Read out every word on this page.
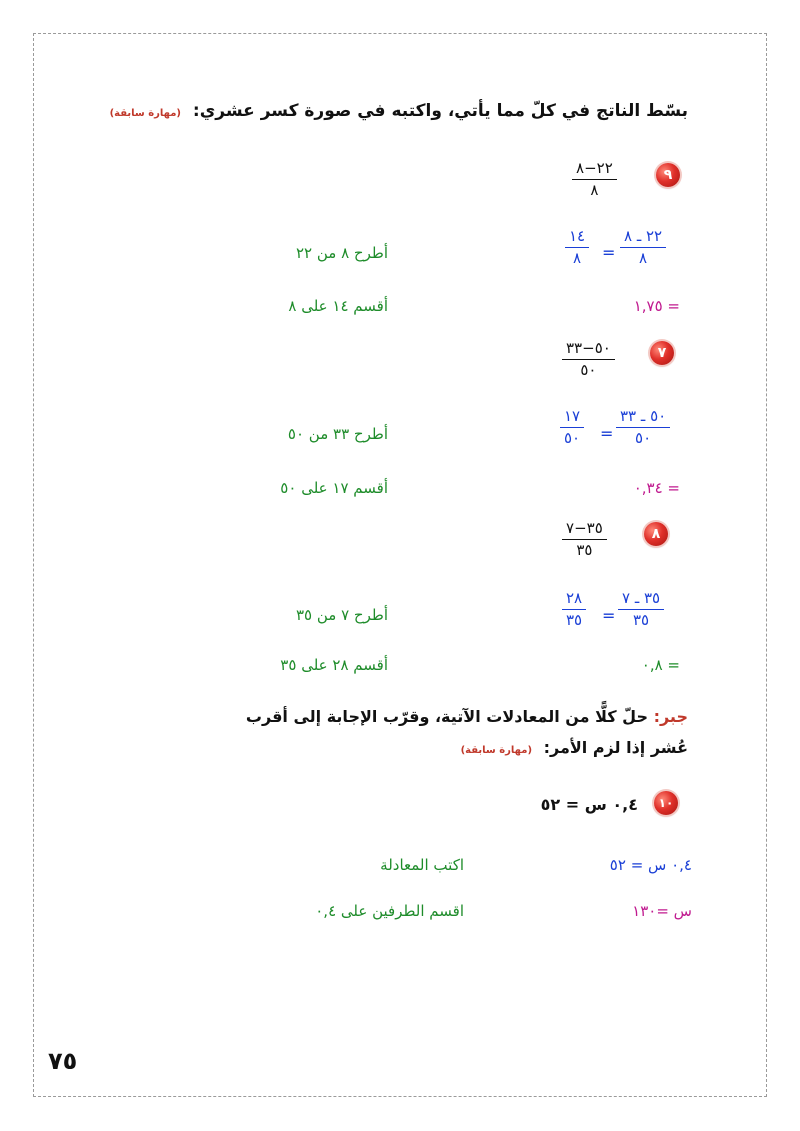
بسّط الناتج في كلّ مما يأتي، واكتبه في صورة كسر عشري: (مهارة سابقة)
٩
٢٢−٨
٨
٢٢ ـ ٨
٨
=
١٤
٨
أطرح ٨ من ٢٢
= ١,٧٥
أقسم ١٤ على ٨
٧
٥٠−٣٣
٥٠
٥٠ ـ ٣٣
٥٠
=
١٧
٥٠
أطرح ٣٣ من ٥٠
= ٠,٣٤
أقسم ١٧ على ٥٠
٨
٣٥−٧
٣٥
٣٥ ـ ٧
٣٥
=
٢٨
٣٥
أطرح ٧ من ٣٥
= ٠,٨
أقسم ٢٨ على ٣٥
جبر: حلّ كلًّا من المعادلات الآتية، وقرّب الإجابة إلى أقرب
عُشر إذا لزم الأمر: (مهارة سابقة)
١٠
٠,٤ س = ٥٢
٠,٤ س = ٥٢
اكتب المعادلة
س =١٣٠
اقسم الطرفين على ٠,٤
٧٥
